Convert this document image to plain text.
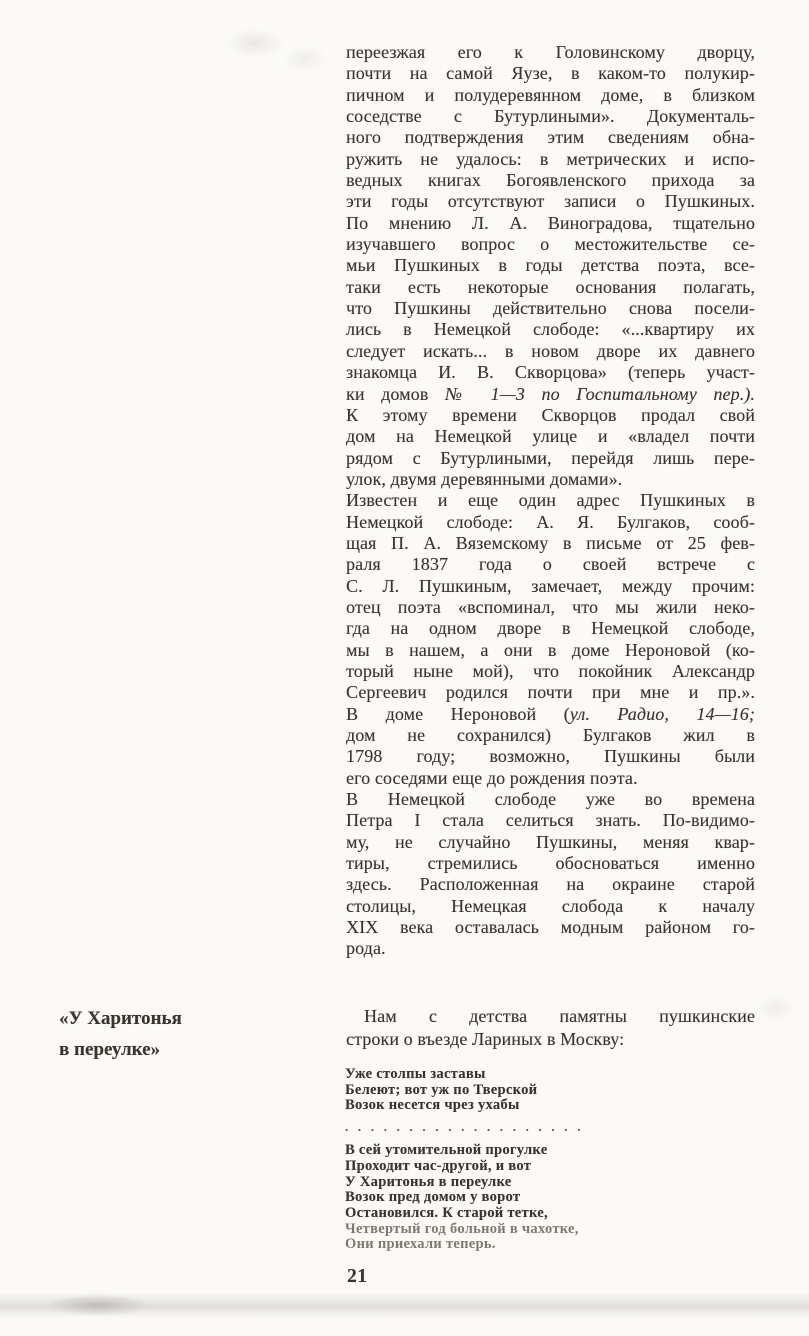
переезжая его к Головинскому дворцу,
почти на самой Яузе, в каком-то полукир-
пичном и полудеревянном доме, в близком
соседстве с Бутурлиными». Документаль-
ного подтверждения этим сведениям обна-
ружить не удалось: в метрических и испо-
ведных книгах Богоявленского прихода за
эти годы отсутствуют записи о Пушкиных.
По мнению Л. А. Виноградова, тщательно
изучавшего вопрос о местожительстве се-
мьи Пушкиных в годы детства поэта, все-
таки есть некоторые основания полагать,
что Пушкины действительно снова посели-
лись в Немецкой слободе: «...квартиру их
следует искать... в новом дворе их давнего
знакомца И. В. Скворцова» (теперь участ-
ки домов № 1—3 по Госпитальному пер.).
К этому времени Скворцов продал свой
дом на Немецкой улице и «владел почти
рядом с Бутурлиными, перейдя лишь пере-
улок, двумя деревянными домами».
Известен и еще один адрес Пушкиных в
Немецкой слободе: А. Я. Булгаков, сооб-
щая П. А. Вяземскому в письме от 25 фев-
раля 1837 года о своей встрече с
С. Л. Пушкиным, замечает, между прочим:
отец поэта «вспоминал, что мы жили неко-
гда на одном дворе в Немецкой слободе,
мы в нашем, а они в доме Нероновой (ко-
торый ныне мой), что покойник Александр
Сергеевич родился почти при мне и пр.».
В доме Нероновой (ул. Радио, 14—16;
дом не сохранился) Булгаков жил в
1798 году; возможно, Пушкины были
его соседями еще до рождения поэта.
В Немецкой слободе уже во времена
Петра I стала селиться знать. По-видимо-
му, не случайно Пушкины, меняя квар-
тиры, стремились обосноваться именно
здесь. Расположенная на окраине старой
столицы, Немецкая слобода к началу
XIX века оставалась модным районом го-
рода.
«У Харитонья
в переулке»
Нам с детства памятны пушкинские
строки о въезде Лариных в Москву:
Уже столпы заставы
Белеют; вот уж по Тверской
Возок несется чрез ухабы
. . . . . . . . . . . . . . . . . . .
В сей утомительной прогулке
Проходит час-другой, и вот
У Харитонья в переулке
Возок пред домом у ворот
Остановился. К старой тетке,
Четвертый год больной в чахотке,
Они приехали теперь.
21
